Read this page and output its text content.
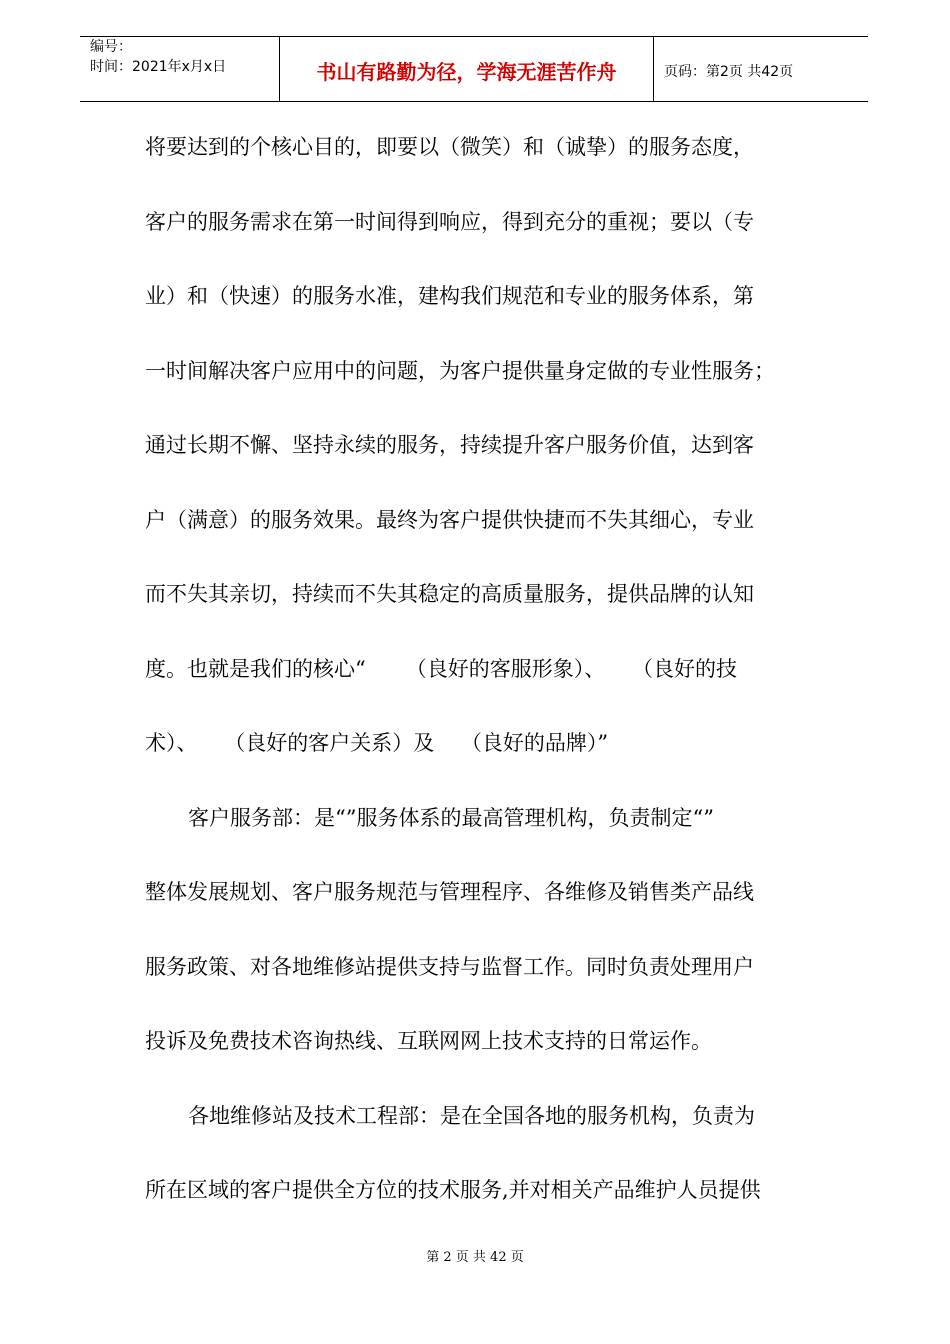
编号：
时间：2021年x月x日	书山有路勤为径，学海无涯苦作舟	页码：第2页 共42页
将要达到的个核心目的，即要以（微笑）和（诚挚）的服务态度，
客户的服务需求在第一时间得到响应，得到充分的重视；要以（专
业）和（快速）的服务水准，建构我们规范和专业的服务体系，第
一时间解决客户应用中的问题，为客户提供量身定做的专业性服务；
通过长期不懈、坚持永续的服务，持续提升客户服务价值，达到客
户（满意）的服务效果。最终为客户提供快捷而不失其细心，专业
而不失其亲切，持续而不失其稳定的高质量服务，提供品牌的认知
度。也就是我们的核心“      （良好的客服形象）、    （良好的技
术）、    （良好的客户关系）及    （良好的品牌）”
客户服务部：是“”服务体系的最高管理机构，负责制定“”
整体发展规划、客户服务规范与管理程序、各维修及销售类产品线
服务政策、对各地维修站提供支持与监督工作。同时负责处理用户
投诉及免费技术咨询热线、互联网网上技术支持的日常运作。
各地维修站及技术工程部：是在全国各地的服务机构，负责为
所在区域的客户提供全方位的技术服务,并对相关产品维护人员提供
第 2 页 共 42 页
